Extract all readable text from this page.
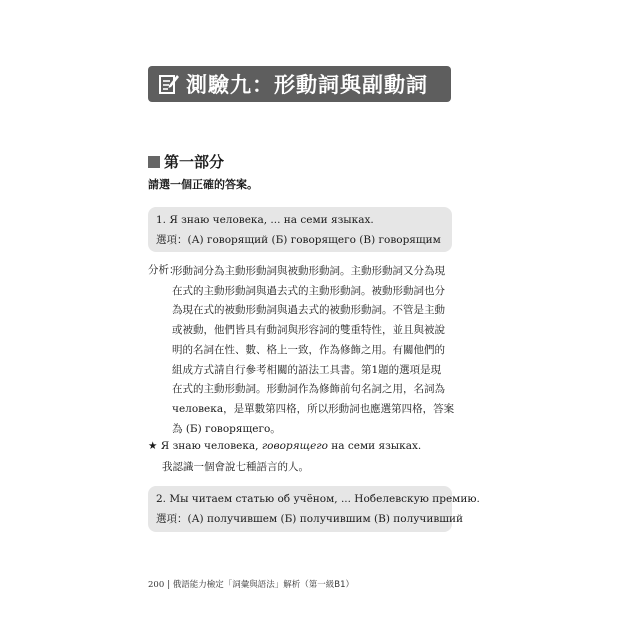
測驗九：形動詞與副動詞
第一部分
請選一個正確的答案。
1. Я знаю человека, ... на семи языках.
選項：(А) говорящий (Б) говорящего (В) говорящим
分析：
形動詞分為主動形動詞與被動形動詞。主動形動詞又分為現
在式的主動形動詞與過去式的主動形動詞。被動形動詞也分
為現在式的被動形動詞與過去式的被動形動詞。不管是主動
或被動，他們皆具有動詞與形容詞的雙重特性，並且與被說
明的名詞在性、數、格上一致，作為修飾之用。有關他們的
組成方式請自行參考相關的語法工具書。第1題的選項是現
在式的主動形動詞。形動詞作為修飾前句名詞之用，名詞為
человека，是單數第四格，所以形動詞也應選第四格，答案
為 (Б) говорящего。
★ Я знаю человека, говорящего на семи языках.
我認識一個會說七種語言的人。
2. Мы читаем статью об учёном, ... Нобелевскую премию.
選項：(А) получившем (Б) получившим (В) получивший
200 | 俄語能力檢定「詞彙與語法」解析（第一級B1）
